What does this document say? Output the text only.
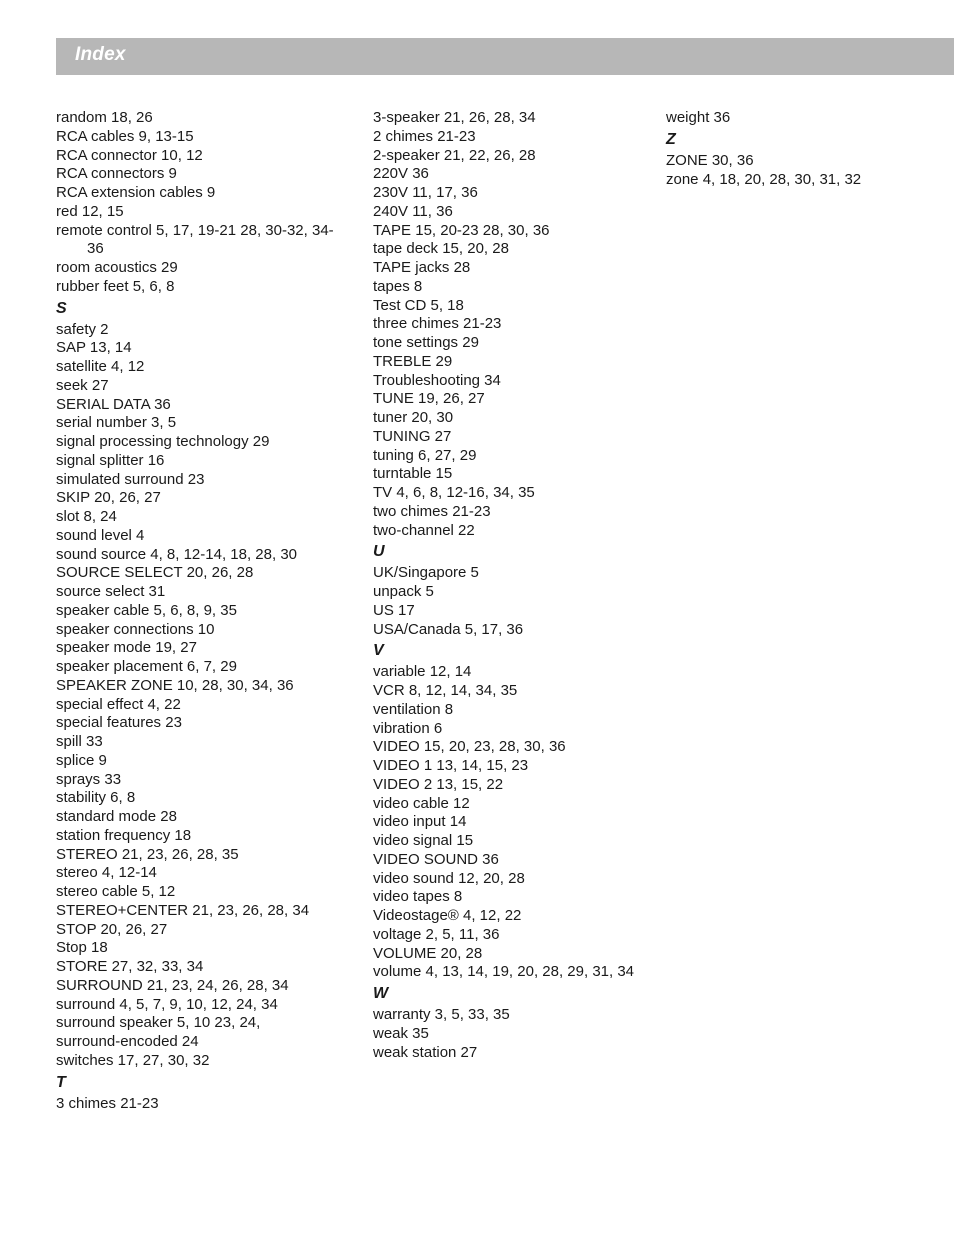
Index
random 18, 26
RCA cables 9, 13-15
RCA connector 10, 12
RCA connectors 9
RCA extension cables 9
red 12, 15
remote control 5, 17, 19-21 28, 30-32, 34-36
room acoustics 29
rubber feet 5, 6, 8
S
safety 2
SAP 13, 14
satellite 4, 12
seek 27
SERIAL DATA 36
serial number 3, 5
signal processing technology 29
signal splitter 16
simulated surround 23
SKIP 20, 26, 27
slot 8, 24
sound level 4
sound source 4, 8, 12-14, 18, 28, 30
SOURCE SELECT 20, 26, 28
source select 31
speaker cable 5, 6, 8, 9, 35
speaker connections 10
speaker mode 19, 27
speaker placement 6, 7, 29
SPEAKER ZONE 10, 28, 30, 34, 36
special effect 4, 22
special features 23
spill 33
splice 9
sprays 33
stability 6, 8
standard mode 28
station frequency 18
STEREO 21, 23, 26, 28, 35
stereo 4, 12-14
stereo cable 5, 12
STEREO+CENTER 21, 23, 26, 28, 34
STOP 20, 26, 27
Stop 18
STORE 27, 32, 33, 34
SURROUND 21, 23, 24, 26, 28, 34
surround 4, 5, 7, 9, 10, 12, 24, 34
surround speaker 5, 10 23, 24,
surround-encoded 24
switches 17, 27, 30, 32
T
3 chimes 21-23
3-speaker 21, 26, 28, 34
2 chimes 21-23
2-speaker 21, 22, 26, 28
220V 36
230V 11, 17, 36
240V 11, 36
TAPE 15, 20-23 28, 30, 36
tape deck 15, 20, 28
TAPE jacks 28
tapes 8
Test CD 5, 18
three chimes 21-23
tone settings 29
TREBLE 29
Troubleshooting 34
TUNE 19, 26, 27
tuner 20, 30
TUNING 27
tuning 6, 27, 29
turntable 15
TV 4, 6, 8, 12-16, 34, 35
two chimes 21-23
two-channel 22
U
UK/Singapore 5
unpack 5
US 17
USA/Canada 5, 17, 36
V
variable 12, 14
VCR 8, 12, 14, 34, 35
ventilation 8
vibration 6
VIDEO 15, 20, 23, 28, 30, 36
VIDEO 1 13, 14, 15, 23
VIDEO 2 13, 15, 22
video cable 12
video input 14
video signal 15
VIDEO SOUND 36
video sound 12, 20, 28
video tapes 8
Videostage® 4, 12, 22
voltage 2, 5, 11, 36
VOLUME 20, 28
volume 4, 13, 14, 19, 20, 28, 29, 31, 34
W
warranty 3, 5, 33, 35
weak 35
weak station 27
weight 36
Z
ZONE 30, 36
zone 4, 18, 20, 28, 30, 31, 32
